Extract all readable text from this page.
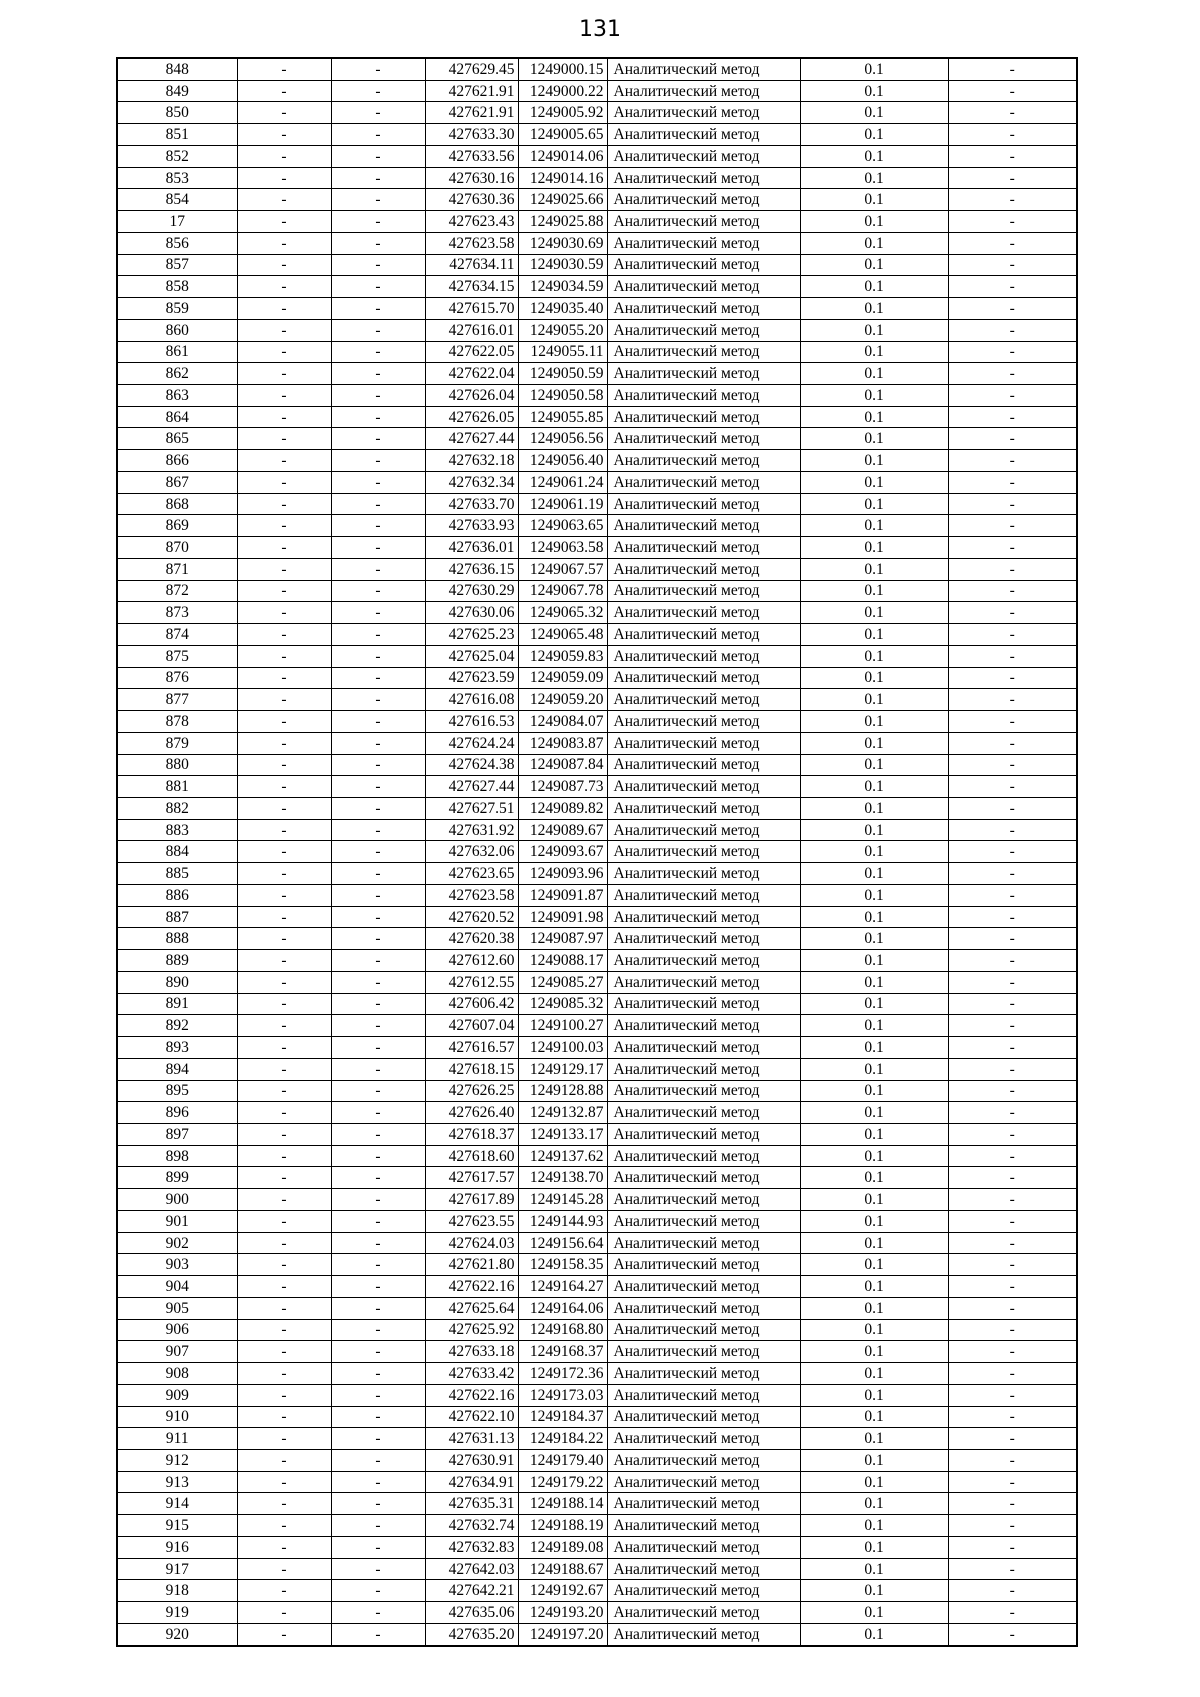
131
848	-	-	427629.45	1249000.15	Аналитический метод	0.1	-
849	-	-	427621.91	1249000.22	Аналитический метод	0.1	-
850	-	-	427621.91	1249005.92	Аналитический метод	0.1	-
851	-	-	427633.30	1249005.65	Аналитический метод	0.1	-
852	-	-	427633.56	1249014.06	Аналитический метод	0.1	-
853	-	-	427630.16	1249014.16	Аналитический метод	0.1	-
854	-	-	427630.36	1249025.66	Аналитический метод	0.1	-
17	-	-	427623.43	1249025.88	Аналитический метод	0.1	-
856	-	-	427623.58	1249030.69	Аналитический метод	0.1	-
857	-	-	427634.11	1249030.59	Аналитический метод	0.1	-
858	-	-	427634.15	1249034.59	Аналитический метод	0.1	-
859	-	-	427615.70	1249035.40	Аналитический метод	0.1	-
860	-	-	427616.01	1249055.20	Аналитический метод	0.1	-
861	-	-	427622.05	1249055.11	Аналитический метод	0.1	-
862	-	-	427622.04	1249050.59	Аналитический метод	0.1	-
863	-	-	427626.04	1249050.58	Аналитический метод	0.1	-
864	-	-	427626.05	1249055.85	Аналитический метод	0.1	-
865	-	-	427627.44	1249056.56	Аналитический метод	0.1	-
866	-	-	427632.18	1249056.40	Аналитический метод	0.1	-
867	-	-	427632.34	1249061.24	Аналитический метод	0.1	-
868	-	-	427633.70	1249061.19	Аналитический метод	0.1	-
869	-	-	427633.93	1249063.65	Аналитический метод	0.1	-
870	-	-	427636.01	1249063.58	Аналитический метод	0.1	-
871	-	-	427636.15	1249067.57	Аналитический метод	0.1	-
872	-	-	427630.29	1249067.78	Аналитический метод	0.1	-
873	-	-	427630.06	1249065.32	Аналитический метод	0.1	-
874	-	-	427625.23	1249065.48	Аналитический метод	0.1	-
875	-	-	427625.04	1249059.83	Аналитический метод	0.1	-
876	-	-	427623.59	1249059.09	Аналитический метод	0.1	-
877	-	-	427616.08	1249059.20	Аналитический метод	0.1	-
878	-	-	427616.53	1249084.07	Аналитический метод	0.1	-
879	-	-	427624.24	1249083.87	Аналитический метод	0.1	-
880	-	-	427624.38	1249087.84	Аналитический метод	0.1	-
881	-	-	427627.44	1249087.73	Аналитический метод	0.1	-
882	-	-	427627.51	1249089.82	Аналитический метод	0.1	-
883	-	-	427631.92	1249089.67	Аналитический метод	0.1	-
884	-	-	427632.06	1249093.67	Аналитический метод	0.1	-
885	-	-	427623.65	1249093.96	Аналитический метод	0.1	-
886	-	-	427623.58	1249091.87	Аналитический метод	0.1	-
887	-	-	427620.52	1249091.98	Аналитический метод	0.1	-
888	-	-	427620.38	1249087.97	Аналитический метод	0.1	-
889	-	-	427612.60	1249088.17	Аналитический метод	0.1	-
890	-	-	427612.55	1249085.27	Аналитический метод	0.1	-
891	-	-	427606.42	1249085.32	Аналитический метод	0.1	-
892	-	-	427607.04	1249100.27	Аналитический метод	0.1	-
893	-	-	427616.57	1249100.03	Аналитический метод	0.1	-
894	-	-	427618.15	1249129.17	Аналитический метод	0.1	-
895	-	-	427626.25	1249128.88	Аналитический метод	0.1	-
896	-	-	427626.40	1249132.87	Аналитический метод	0.1	-
897	-	-	427618.37	1249133.17	Аналитический метод	0.1	-
898	-	-	427618.60	1249137.62	Аналитический метод	0.1	-
899	-	-	427617.57	1249138.70	Аналитический метод	0.1	-
900	-	-	427617.89	1249145.28	Аналитический метод	0.1	-
901	-	-	427623.55	1249144.93	Аналитический метод	0.1	-
902	-	-	427624.03	1249156.64	Аналитический метод	0.1	-
903	-	-	427621.80	1249158.35	Аналитический метод	0.1	-
904	-	-	427622.16	1249164.27	Аналитический метод	0.1	-
905	-	-	427625.64	1249164.06	Аналитический метод	0.1	-
906	-	-	427625.92	1249168.80	Аналитический метод	0.1	-
907	-	-	427633.18	1249168.37	Аналитический метод	0.1	-
908	-	-	427633.42	1249172.36	Аналитический метод	0.1	-
909	-	-	427622.16	1249173.03	Аналитический метод	0.1	-
910	-	-	427622.10	1249184.37	Аналитический метод	0.1	-
911	-	-	427631.13	1249184.22	Аналитический метод	0.1	-
912	-	-	427630.91	1249179.40	Аналитический метод	0.1	-
913	-	-	427634.91	1249179.22	Аналитический метод	0.1	-
914	-	-	427635.31	1249188.14	Аналитический метод	0.1	-
915	-	-	427632.74	1249188.19	Аналитический метод	0.1	-
916	-	-	427632.83	1249189.08	Аналитический метод	0.1	-
917	-	-	427642.03	1249188.67	Аналитический метод	0.1	-
918	-	-	427642.21	1249192.67	Аналитический метод	0.1	-
919	-	-	427635.06	1249193.20	Аналитический метод	0.1	-
920	-	-	427635.20	1249197.20	Аналитический метод	0.1	-
